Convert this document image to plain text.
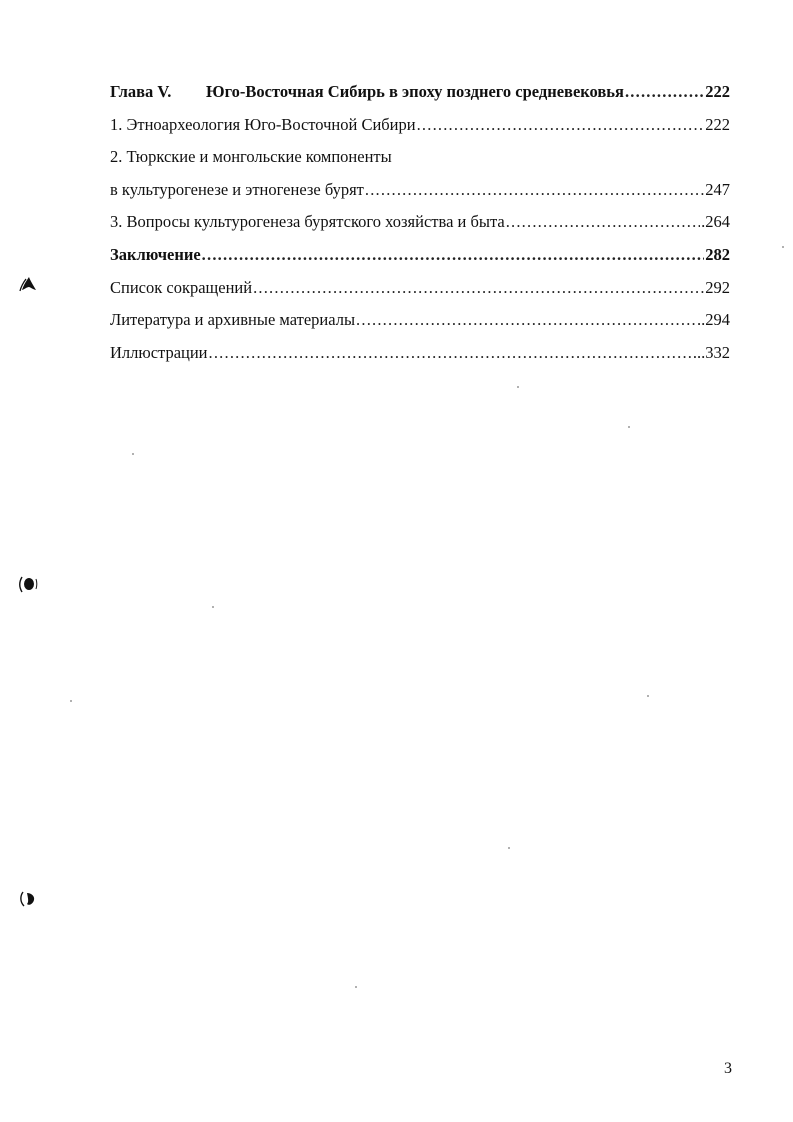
Глава V. Юго-Восточная Сибирь в эпоху позднего средневековья .....	222
1. Этноархеология Юго-Восточной Сибири .....	222
2. Тюркские и монгольские компоненты
в культурогенезе и этногенезе бурят .....	247
3. Вопросы культурогенеза бурятского хозяйства и быта .....	.264
Заключение .....	282
Список сокращений .....	292
Литература и архивные материалы .....	..294
Иллюстрации .....	...332
3
